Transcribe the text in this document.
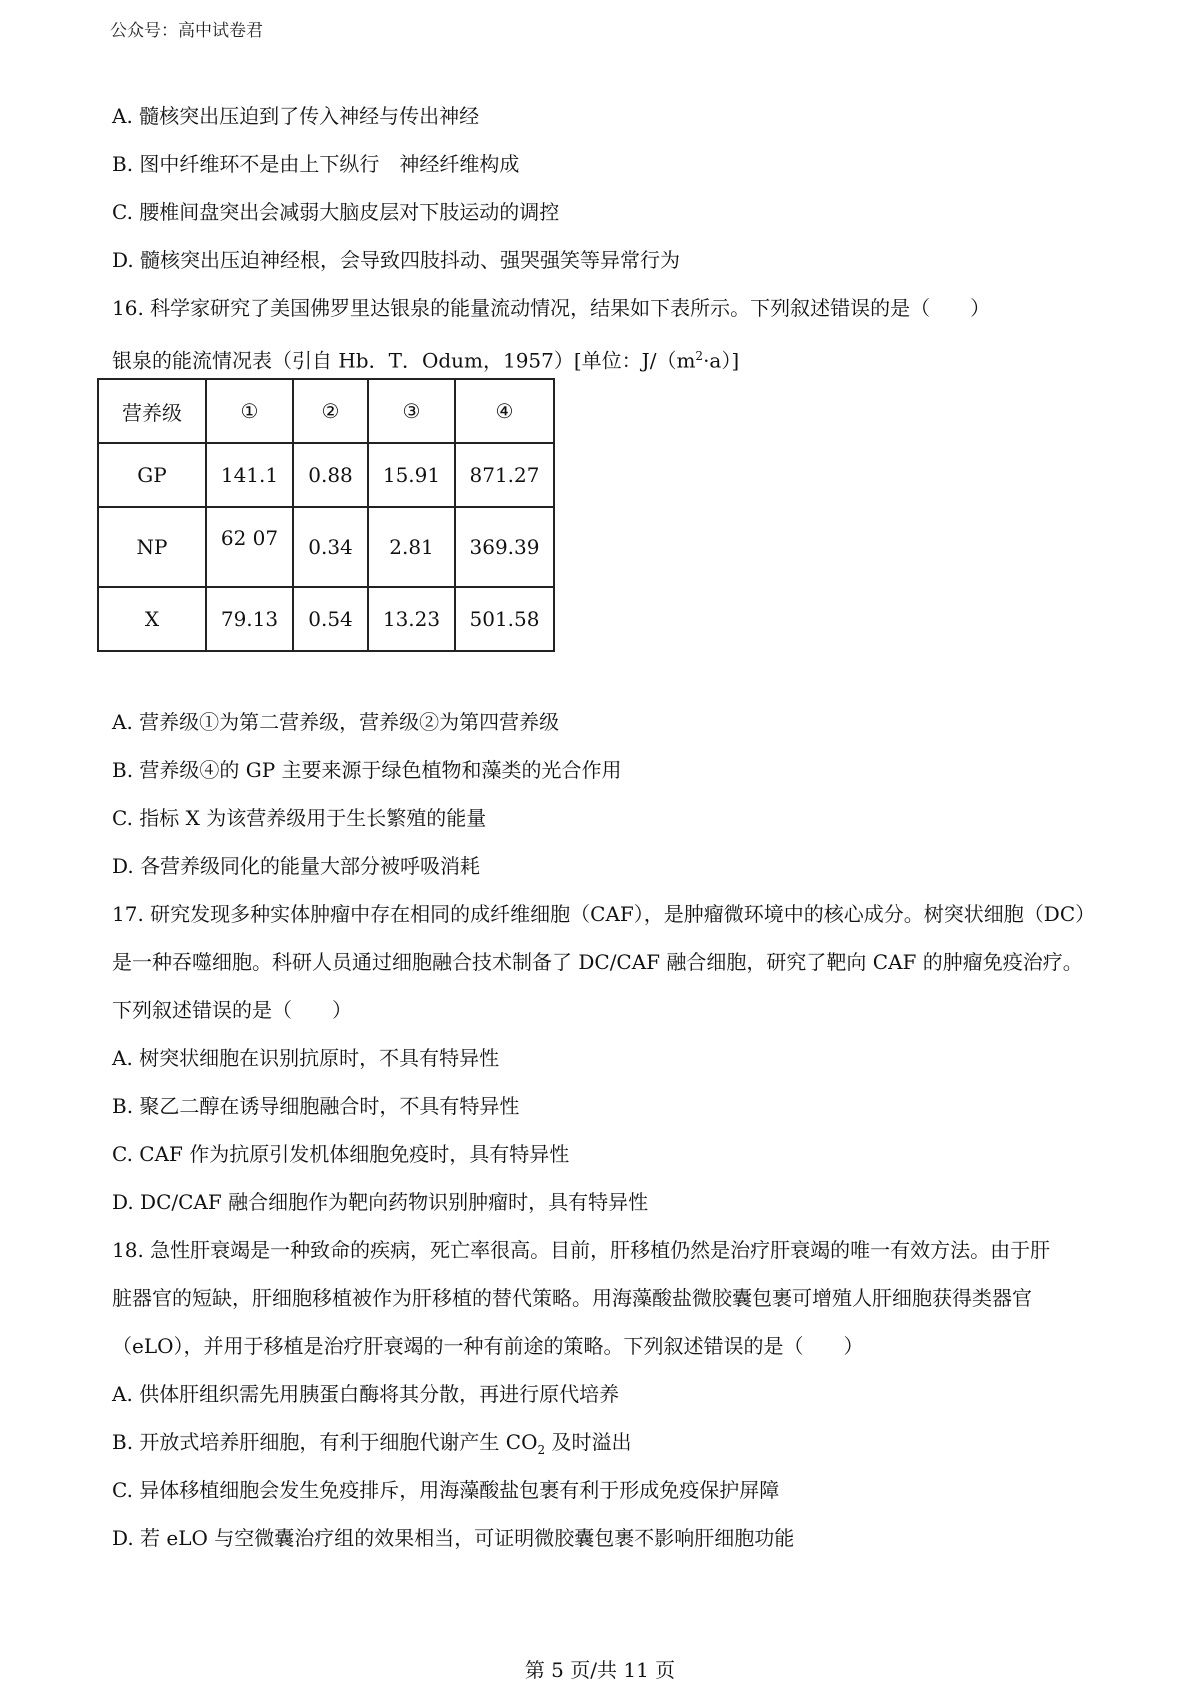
公众号：高中试卷君
A. 髓核突出压迫到了传入神经与传出神经
B. 图中纤维环不是由上下纵行　神经纤维构成
C. 腰椎间盘突出会减弱大脑皮层对下肢运动的调控
D. 髓核突出压迫神经根，会导致四肢抖动、强哭强笑等异常行为
16. 科学家研究了美国佛罗里达银泉的能量流动情况，结果如下表所示。下列叙述错误的是（　　）
银泉的能流情况表（引自 Hb．T．Odum，1957）[单位：$J/(m^2\cdot a)$]
营养级	①	②	③	④
GP	141.1	0.88	15.91	871.27
NP	62 07	0.34	2.81	369.39
X	79.13	0.54	13.23	501.58
A. 营养级①为第二营养级，营养级②为第四营养级
B. 营养级④的 GP 主要来源于绿色植物和藻类的光合作用
C. 指标 X 为该营养级用于生长繁殖的能量
D. 各营养级同化的能量大部分被呼吸消耗
17. 研究发现多种实体肿瘤中存在相同的成纤维细胞（CAF），是肿瘤微环境中的核心成分。树突状细胞（DC）
是一种吞噬细胞。科研人员通过细胞融合技术制备了 DC/CAF 融合细胞，研究了靶向 CAF 的肿瘤免疫治疗。
下列叙述错误的是（　　）
A. 树突状细胞在识别抗原时，不具有特异性
B. 聚乙二醇在诱导细胞融合时，不具有特异性
C. CAF 作为抗原引发机体细胞免疫时，具有特异性
D. DC/CAF 融合细胞作为靶向药物识别肿瘤时，具有特异性
18. 急性肝衰竭是一种致命的疾病，死亡率很高。目前，肝移植仍然是治疗肝衰竭的唯一有效方法。由于肝
脏器官的短缺，肝细胞移植被作为肝移植的替代策略。用海藻酸盐微胶囊包裹可增殖人肝细胞获得类器官
（eLO），并用于移植是治疗肝衰竭的一种有前途的策略。下列叙述错误的是（　　）
A. 供体肝组织需先用胰蛋白酶将其分散，再进行原代培养
B. 开放式培养肝细胞，有利于细胞代谢产生 $CO_2$ 及时溢出
C. 异体移植细胞会发生免疫排斥，用海藻酸盐包裹有利于形成免疫保护屏障
D. 若 eLO 与空微囊治疗组的效果相当，可证明微胶囊包裹不影响肝细胞功能
第 5 页/共 11 页
